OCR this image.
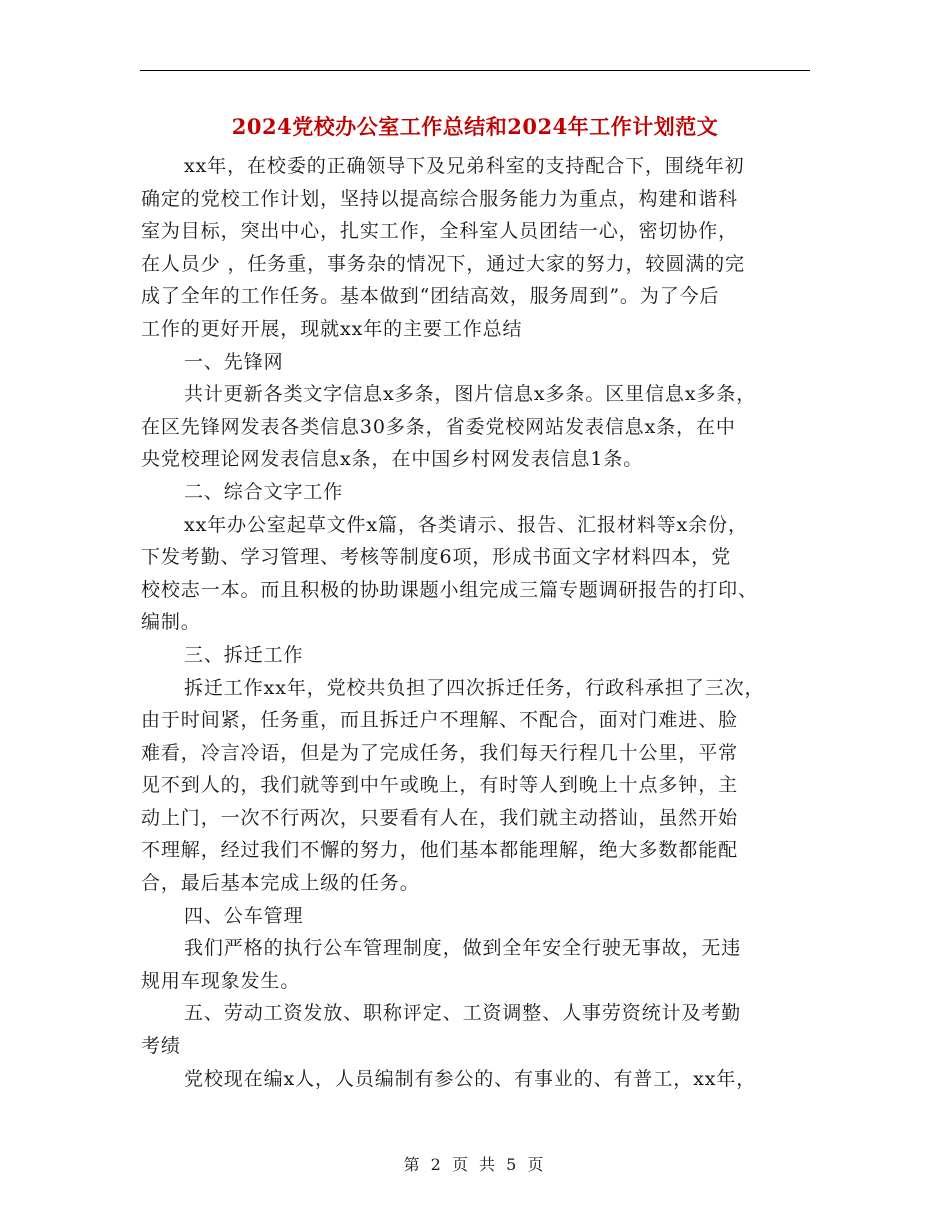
2024党校办公室工作总结和2024年工作计划范文
xx年，在校委的正确领导下及兄弟科室的支持配合下，围绕年初
确定的党校工作计划，坚持以提高综合服务能力为重点，构建和谐科
室为目标，突出中心，扎实工作，全科室人员团结一心，密切协作，
在人员少 ，任务重，事务杂的情况下，通过大家的努力，较圆满的完
成了全年的工作任务。基本做到“团结高效，服务周到”。为了今后
工作的更好开展，现就xx年的主要工作总结
一、先锋网
共计更新各类文字信息x多条，图片信息x多条。区里信息x多条，
在区先锋网发表各类信息30多条，省委党校网站发表信息x条，在中
央党校理论网发表信息x条，在中国乡村网发表信息1条。
二、综合文字工作
xx年办公室起草文件x篇，各类请示、报告、汇报材料等x余份，
下发考勤、学习管理、考核等制度6项，形成书面文字材料四本，党
校校志一本。而且积极的协助课题小组完成三篇专题调研报告的打印、
编制。
三、拆迁工作
拆迁工作xx年，党校共负担了四次拆迁任务，行政科承担了三次，
由于时间紧，任务重，而且拆迁户不理解、不配合，面对门难进、脸
难看，冷言冷语，但是为了完成任务，我们每天行程几十公里，平常
见不到人的，我们就等到中午或晚上，有时等人到晚上十点多钟，主
动上门，一次不行两次，只要看有人在，我们就主动搭讪，虽然开始
不理解，经过我们不懈的努力，他们基本都能理解，绝大多数都能配
合，最后基本完成上级的任务。
四、公车管理
我们严格的执行公车管理制度，做到全年安全行驶无事故，无违
规用车现象发生。
五、劳动工资发放、职称评定、工资调整、人事劳资统计及考勤
考绩
党校现在编x人，人员编制有参公的、有事业的、有普工，xx年，
第 2 页 共 5 页
